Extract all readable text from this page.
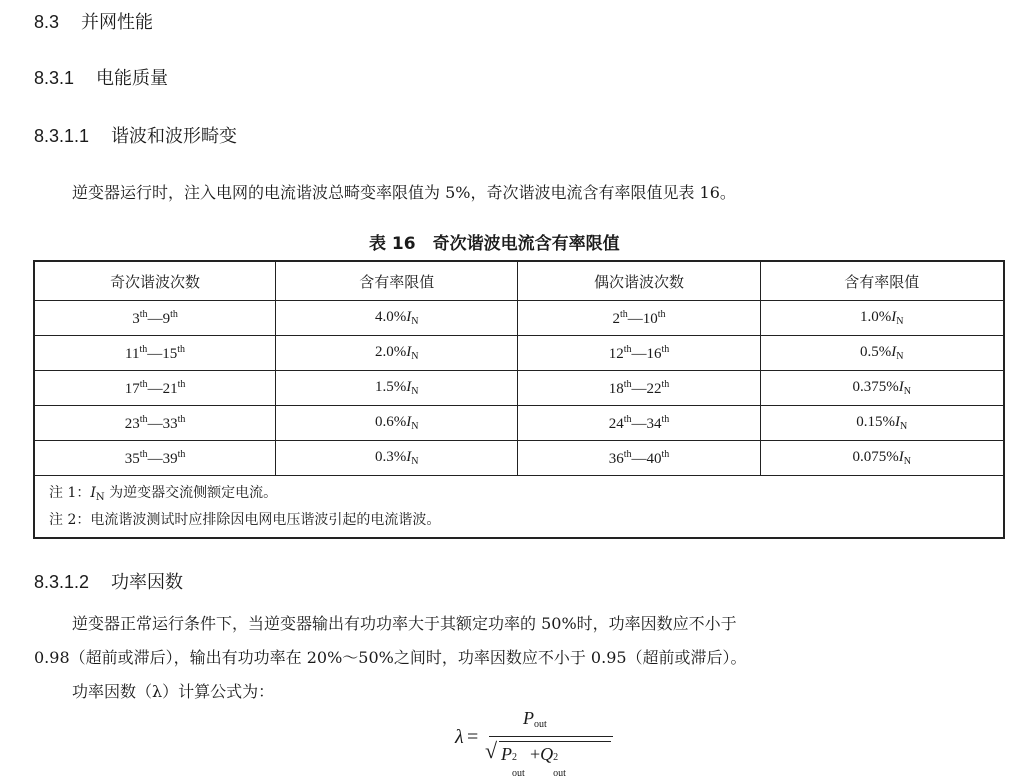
8.3 并网性能
8.3.1 电能质量
8.3.1.1 谐波和波形畸变
逆变器运行时，注入电网的电流谐波总畸变率限值为 5%，奇次谐波电流含有率限值见表 16。
表 16　奇次谐波电流含有率限值
奇次谐波次数	含有率限值	偶次谐波次数	含有率限值
3th—9th	$4.0\%I_N$	2th—10th	$1.0\%I_N$
11th—15th	$2.0\%I_N$	12th—16th	$0.5\%I_N$
17th—21th	$1.5\%I_N$	18th—22th	$0.375\%I_N$
23th—33th	$0.6\%I_N$	24th—34th	$0.15\%I_N$
35th—39th	$0.3\%I_N$	36th—40th	$0.075\%I_N$

注 1：$I_N$ 为逆变器交流侧额定电流。
注 2：电流谐波测试时应排除因电网电压谐波引起的电流谐波。			
8.3.1.2 功率因数
逆变器正常运行条件下，当逆变器输出有功功率大于其额定功率的 50%时，功率因数应不小于
0.98（超前或滞后），输出有功功率在 20%～50%之间时，功率因数应不小于 0.95（超前或滞后）。
功率因数（λ）计算公式为：
λ =
$P_{out}$
√ P 2
out
+Q 2
out
